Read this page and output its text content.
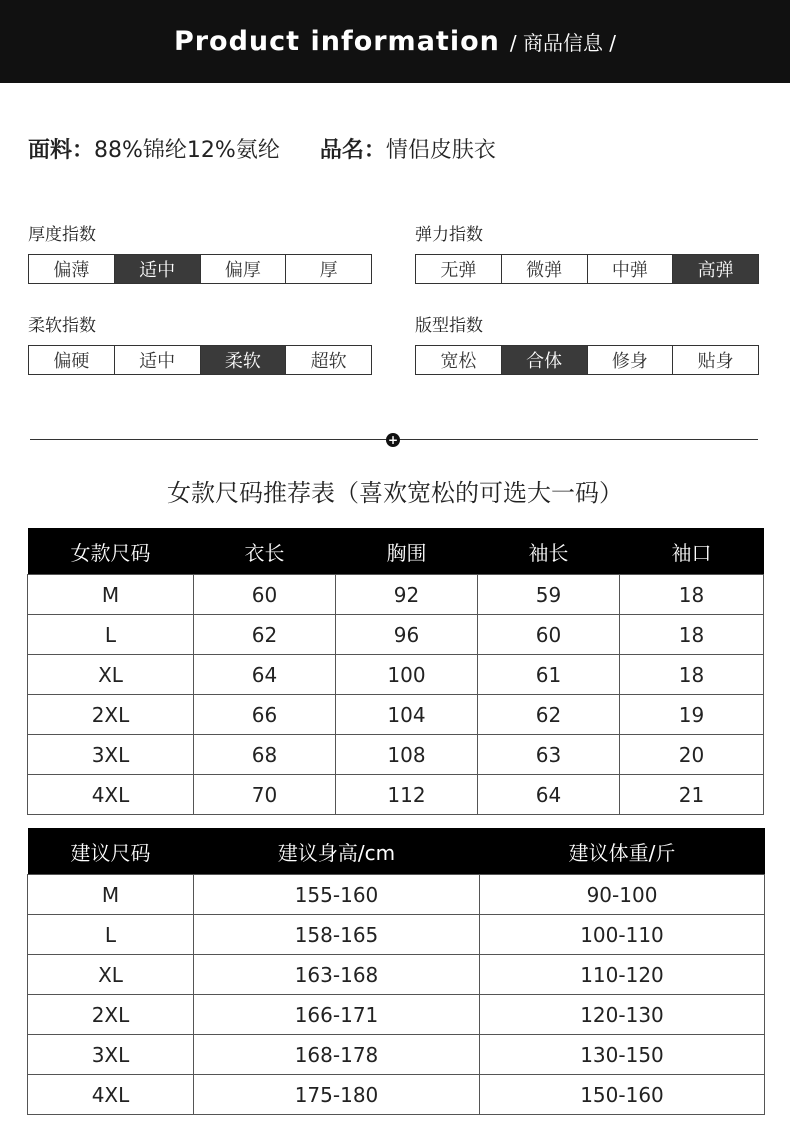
Product information / 商品信息 /
面料： 88%锦纶12%氨纶 品名： 情侣皮肤衣
厚度指数
偏薄	适中	偏厚	厚
弹力指数
无弹	微弹	中弹	高弹
柔软指数
偏硬	适中	柔软	超软
版型指数
宽松	合体	修身	贴身
+
女款尺码推荐表（喜欢宽松的可选大一码）
女款尺码	衣长	胸围	袖长	袖口
M	60	92	59	18
L	62	96	60	18
XL	64	100	61	18
2XL	66	104	62	19
3XL	68	108	63	20
4XL	70	112	64	21
建议尺码	建议身高/cm	建议体重/斤
M	155-160	90-100
L	158-165	100-110
XL	163-168	110-120
2XL	166-171	120-130
3XL	168-178	130-150
4XL	175-180	150-160
